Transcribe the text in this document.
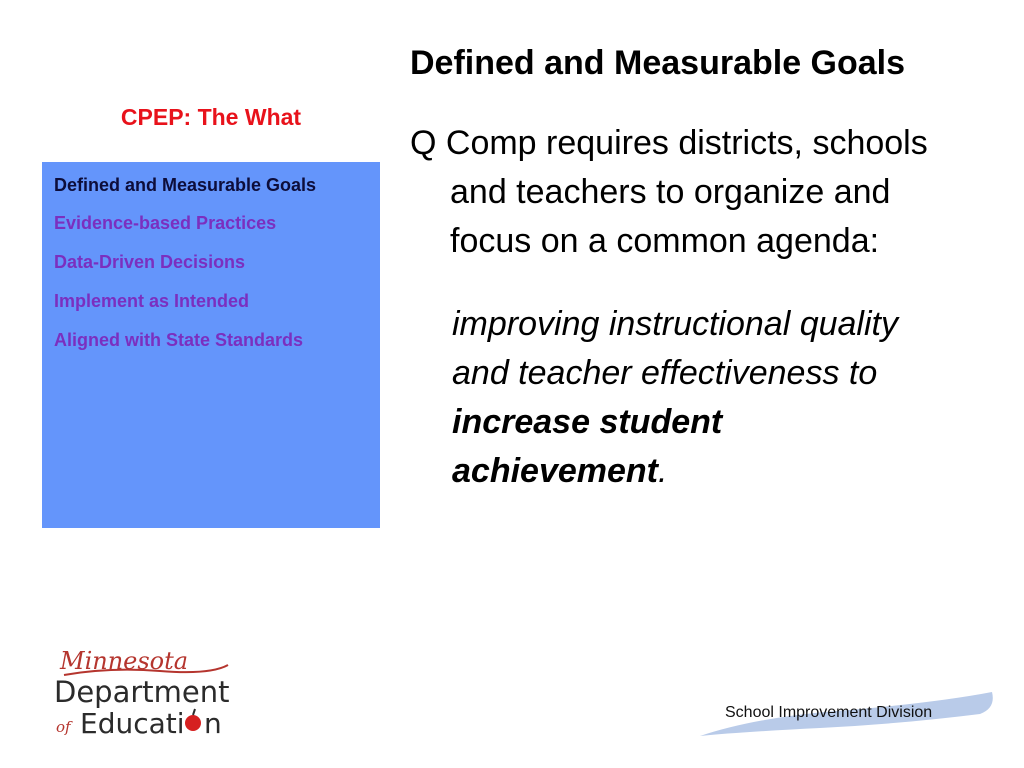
CPEP: The What
Defined and Measurable Goals
Evidence-based Practices
Data-Driven Decisions
Implement as Intended
Aligned with State Standards

Defined and Measurable Goals

Q Comp requires districts, schools and teachers to organize and focus on a common agenda:

improving instructional quality and teacher effectiveness to increase student achievement.
Minnesota
Department
of Educati n	School Improvement Division
